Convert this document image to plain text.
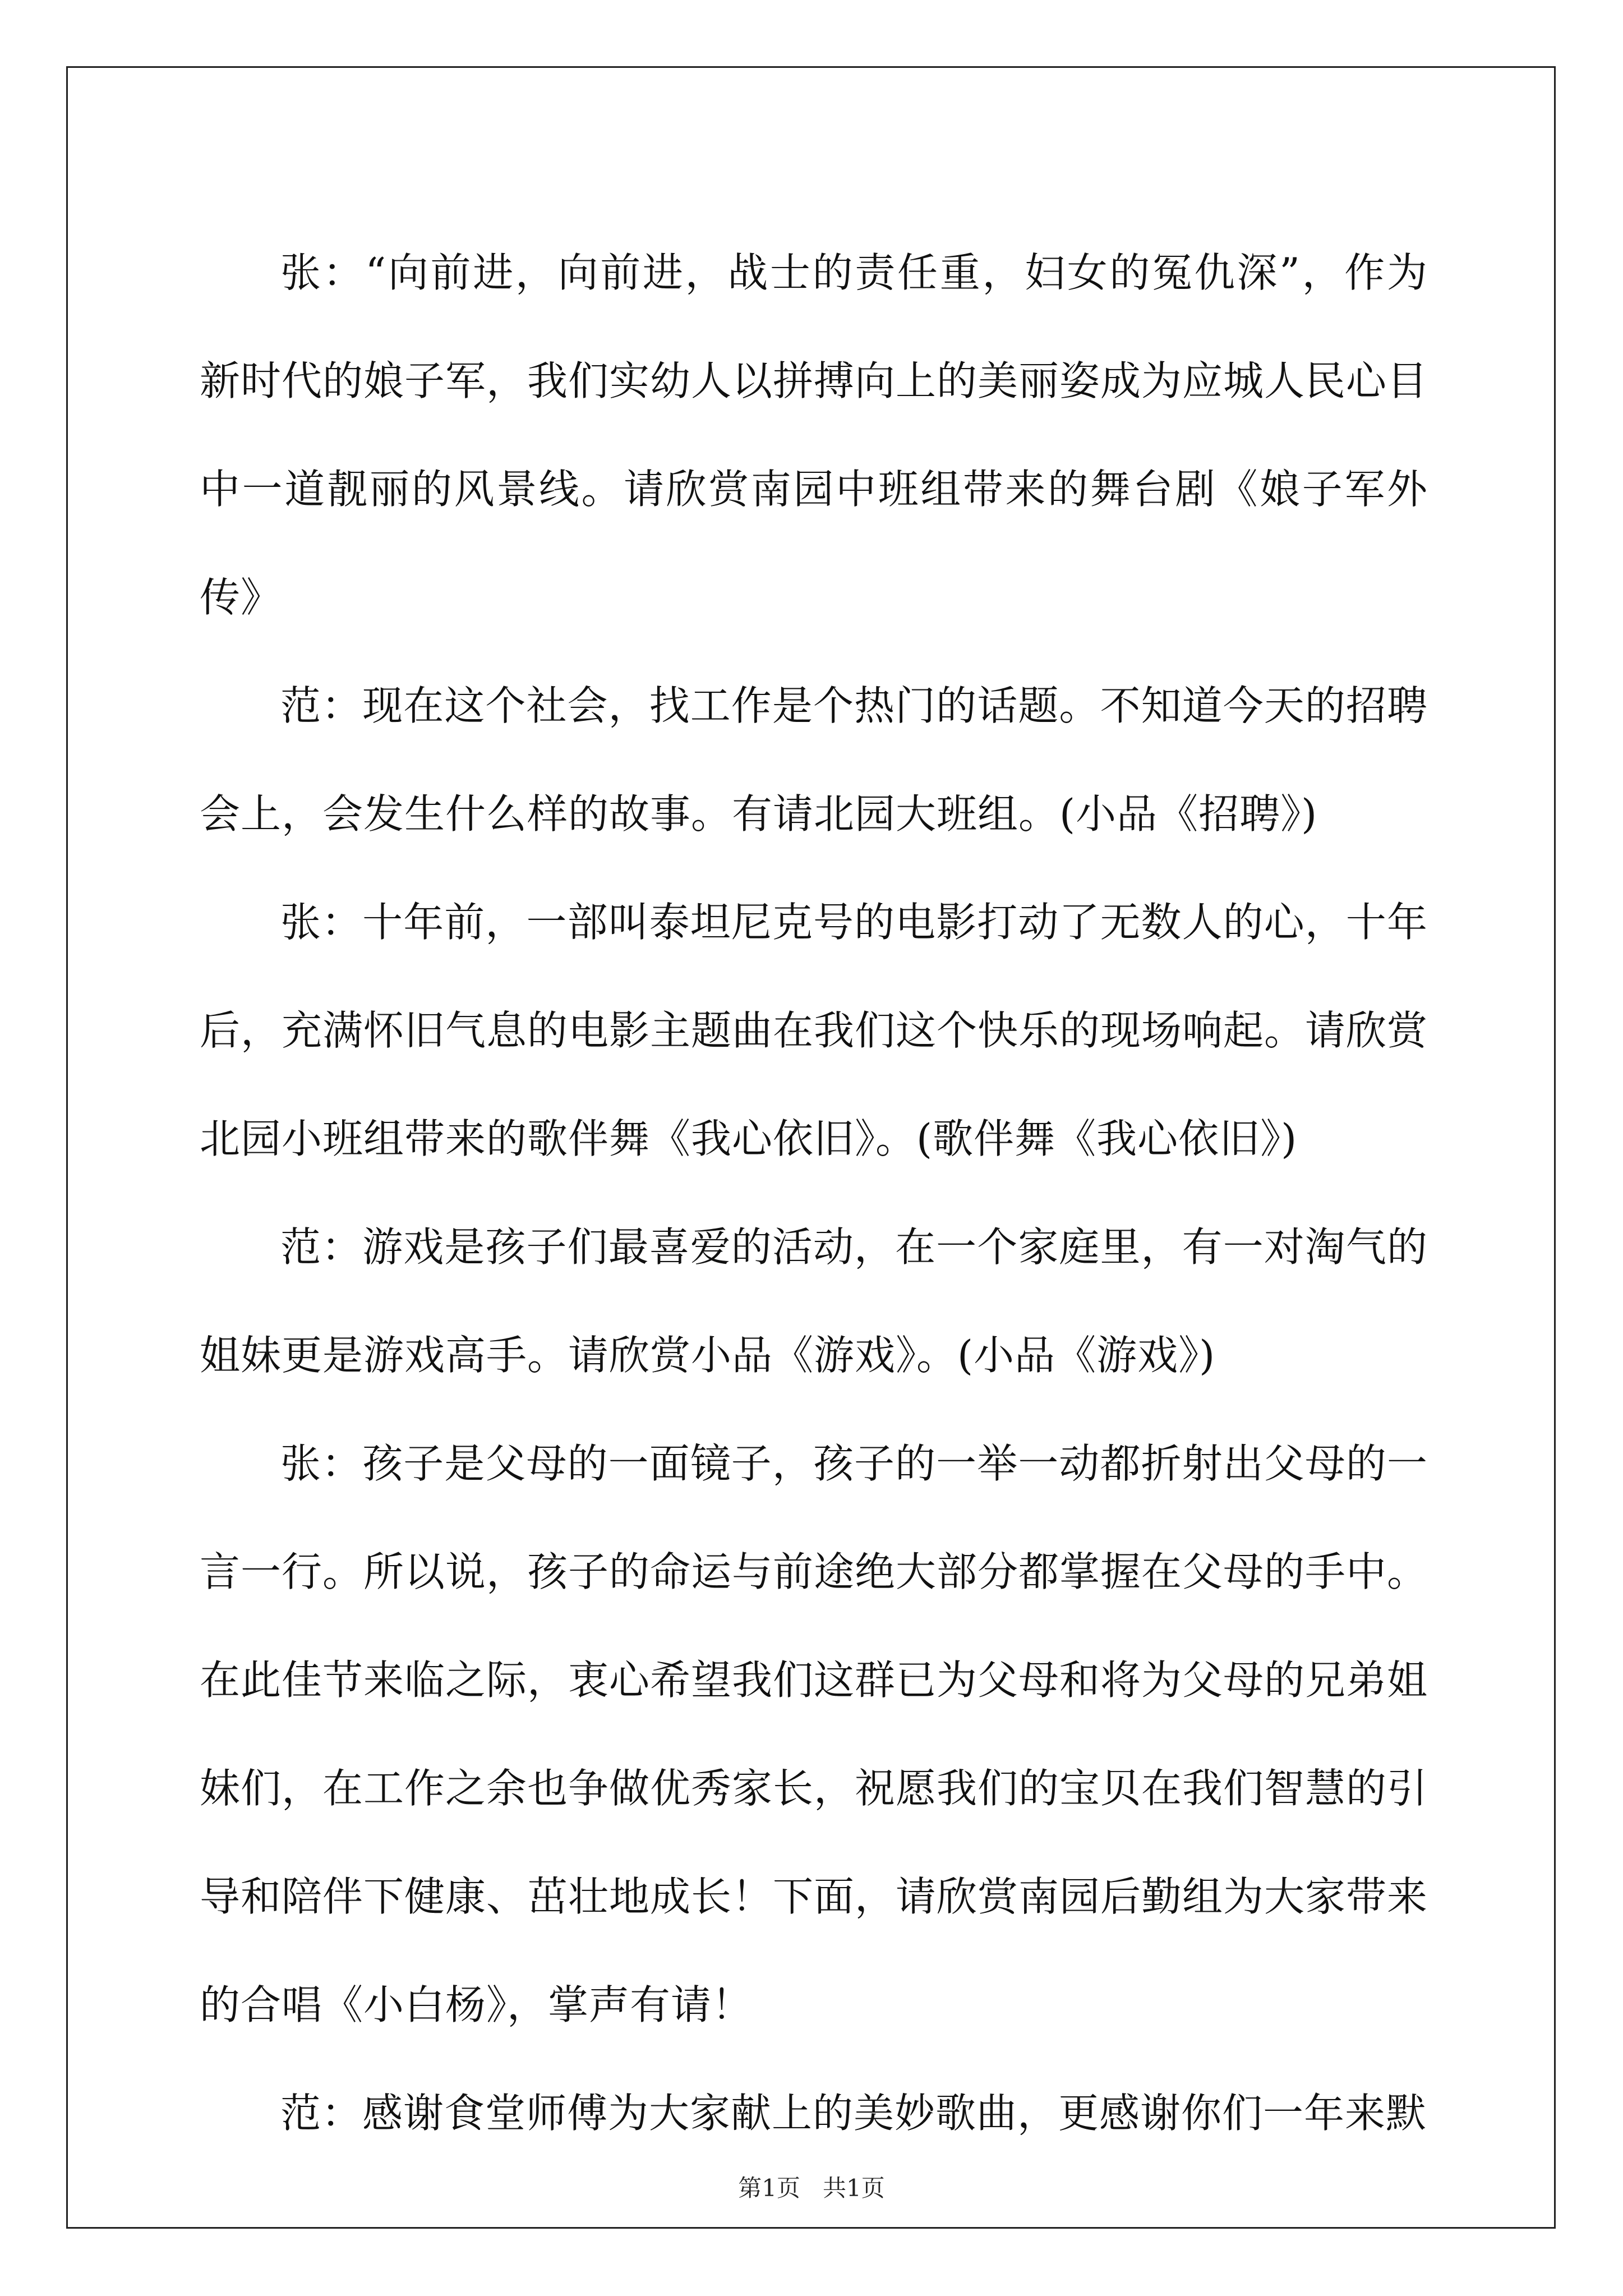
张：“向前进，向前进，战士的责任重，妇女的冤仇深”，作为新时代的娘子军，我们实幼人以拼搏向上的美丽姿成为应城人民心目中一道靓丽的风景线。请欣赏南园中班组带来的舞台剧《娘子军外传》

范：现在这个社会，找工作是个热门的话题。不知道今天的招聘会上，会发生什么样的故事。有请北园大班组。(小品《招聘》)

张：十年前，一部叫泰坦尼克号的电影打动了无数人的心，十年后，充满怀旧气息的电影主题曲在我们这个快乐的现场响起。请欣赏北园小班组带来的歌伴舞《我心依旧》。(歌伴舞《我心依旧》)

范：游戏是孩子们最喜爱的活动，在一个家庭里，有一对淘气的姐妹更是游戏高手。请欣赏小品《游戏》。(小品《游戏》)

张：孩子是父母的一面镜子，孩子的一举一动都折射出父母的一言一行。所以说，孩子的命运与前途绝大部分都掌握在父母的手中。在此佳节来临之际，衷心希望我们这群已为父母和将为父母的兄弟姐妹们，在工作之余也争做优秀家长，祝愿我们的宝贝在我们智慧的引导和陪伴下健康、茁壮地成长！下面，请欣赏南园后勤组为大家带来的合唱《小白杨》，掌声有请！

范：感谢食堂师傅为大家献上的美妙歌曲，更感谢你们一年来默

第1页 共1页
